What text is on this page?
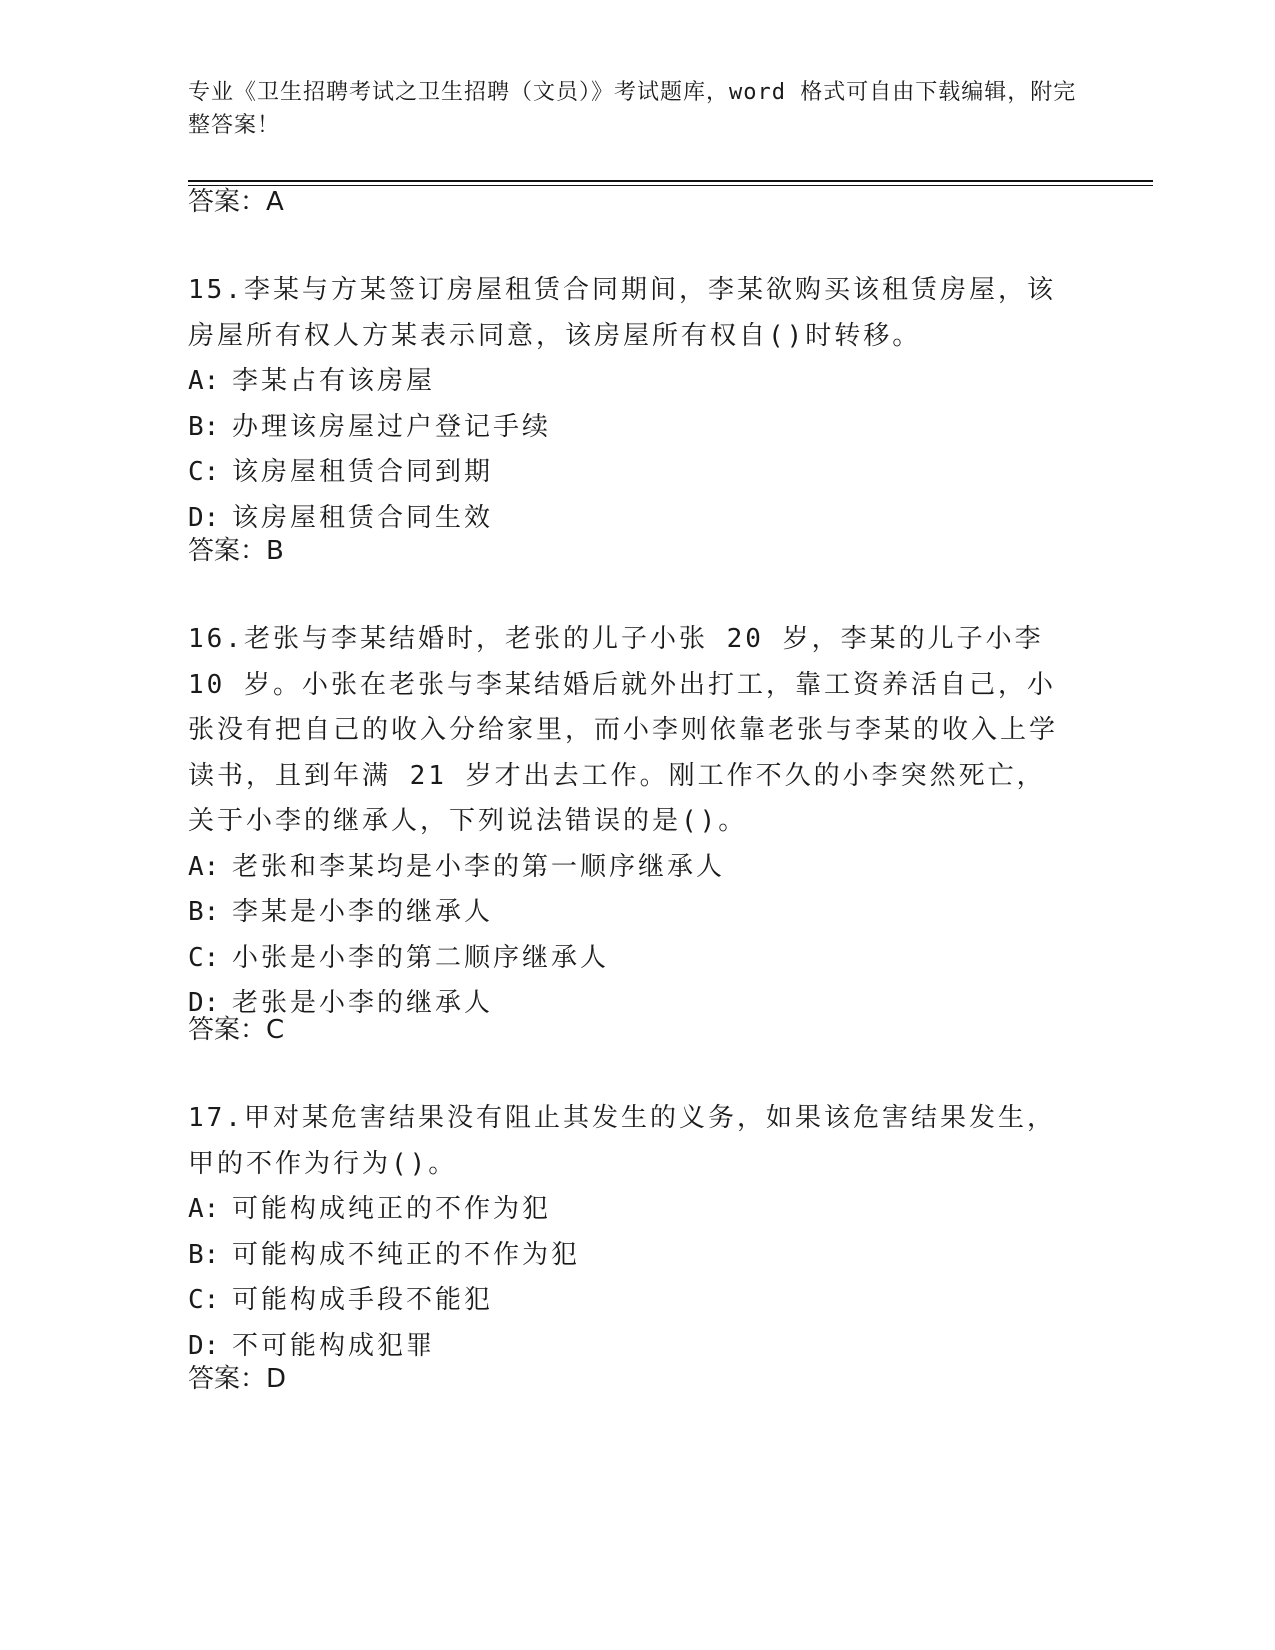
专业《卫生招聘考试之卫生招聘（文员）》考试题库，word 格式可自由下载编辑，附完整答案！
答案：A

15.李某与方某签订房屋租赁合同期间，李某欲购买该租赁房屋，该房屋所有权人方某表示同意，该房屋所有权自()时转移。

A: 李某占有该房屋

B: 办理该房屋过户登记手续

C: 该房屋租赁合同到期

D: 该房屋租赁合同生效

答案：B

16.老张与李某结婚时，老张的儿子小张 20 岁，李某的儿子小李 10 岁。小张在老张与李某结婚后就外出打工，靠工资养活自己，小张没有把自己的收入分给家里，而小李则依靠老张与李某的收入上学读书，且到年满 21 岁才出去工作。刚工作不久的小李突然死亡，关于小李的继承人，下列说法错误的是()。

A: 老张和李某均是小李的第一顺序继承人

B: 李某是小李的继承人

C: 小张是小李的第二顺序继承人

D: 老张是小李的继承人

答案：C

17.甲对某危害结果没有阻止其发生的义务，如果该危害结果发生，甲的不作为行为()。

A: 可能构成纯正的不作为犯

B: 可能构成不纯正的不作为犯

C: 可能构成手段不能犯

D: 不可能构成犯罪

答案：D
